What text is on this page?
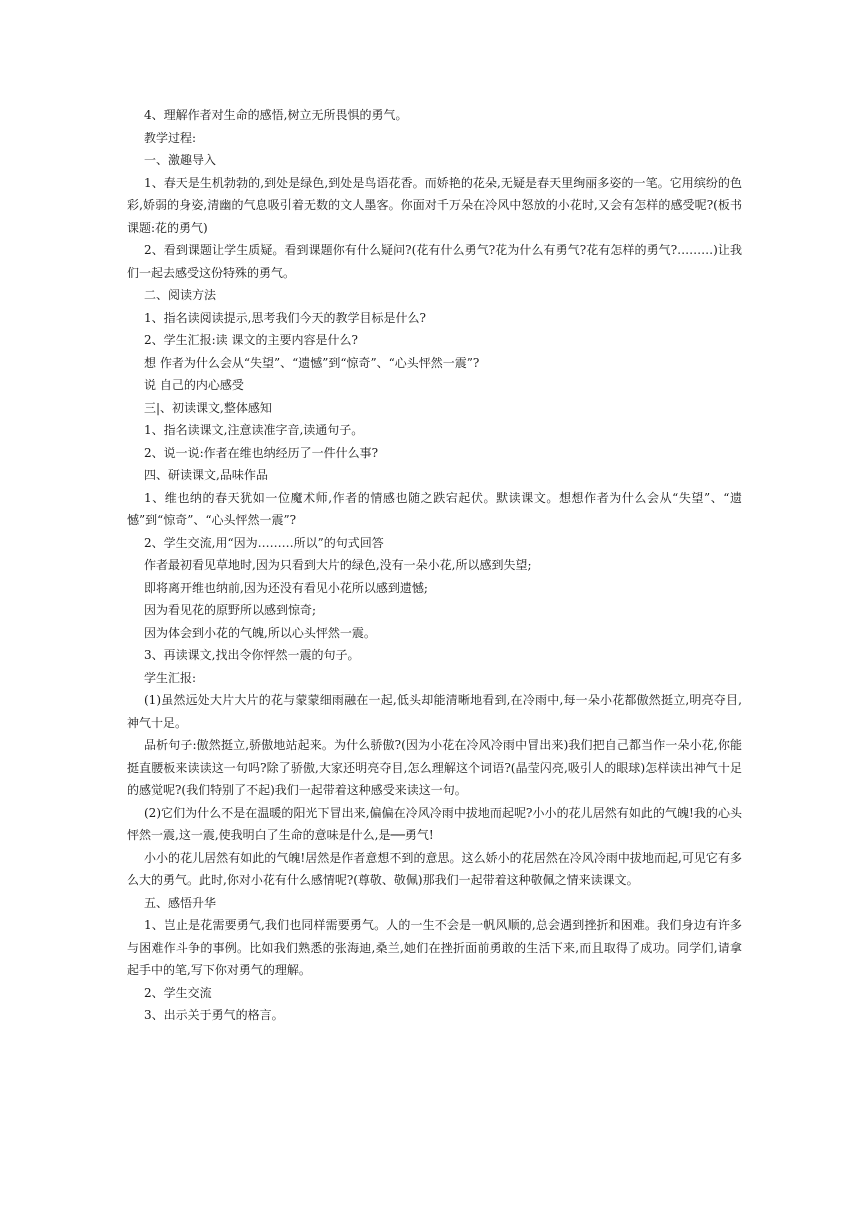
4、理解作者对生命的感悟,树立无所畏惧的勇气。
教学过程:
一、激趣导入

1、春天是生机勃勃的,到处是绿色,到处是鸟语花香。而娇艳的花朵,无疑是春天里绚丽多姿的一笔。它用缤纷的色彩,娇弱的身姿,清幽的气息吸引着无数的文人墨客。你面对千万朵在冷风中怒放的小花时,又会有怎样的感受呢?(板书课题:花的勇气)

2、看到课题让学生质疑。看到课题你有什么疑问?(花有什么勇气?花为什么有勇气?花有怎样的勇气?………)让我们一起去感受这份特殊的勇气。

二、阅读方法
1、指名读阅读提示,思考我们今天的教学目标是什么?
2、学生汇报:读 课文的主要内容是什么?
想 作者为什么会从“失望”、“遗憾”到“惊奇”、“心头怦然一震”?
说 自己的内心感受
三|、初读课文,整体感知
1、指名读课文,注意读准字音,读通句子。
2、说一说:作者在维也纳经历了一件什么事?
四、研读课文,品味作品

1、维也纳的春天犹如一位魔术师,作者的情感也随之跌宕起伏。默读课文。想想作者为什么会从“失望”、“遗憾”到“惊奇”、“心头怦然一震”?

2、学生交流,用“因为………所以”的句式回答
作者最初看见草地时,因为只看到大片的绿色,没有一朵小花,所以感到失望;
即将离开维也纳前,因为还没有看见小花所以感到遗憾;
因为看见花的原野所以感到惊奇;
因为体会到小花的气魄,所以心头怦然一震。
3、再读课文,找出令你怦然一震的句子。
学生汇报:

(1)虽然远处大片大片的花与蒙蒙细雨融在一起,低头却能清晰地看到,在冷雨中,每一朵小花都傲然挺立,明亮夺目,神气十足。

品析句子:傲然挺立,骄傲地站起来。为什么骄傲?(因为小花在冷风冷雨中冒出来)我们把自己都当作一朵小花,你能挺直腰板来读读这一句吗?除了骄傲,大家还明亮夺目,怎么理解这个词语?(晶莹闪亮,吸引人的眼球)怎样读出神气十足的感觉呢?(我们特别了不起)我们一起带着这种感受来读这一句。

(2)它们为什么不是在温暖的阳光下冒出来,偏偏在冷风冷雨中拔地而起呢?小小的花儿居然有如此的气魄!我的心头怦然一震,这一震,使我明白了生命的意味是什么,是──勇气!

小小的花儿居然有如此的气魄!居然是作者意想不到的意思。这么娇小的花居然在冷风冷雨中拔地而起,可见它有多么大的勇气。此时,你对小花有什么感情呢?(尊敬、敬佩)那我们一起带着这种敬佩之情来读课文。

五、感悟升华

1、岂止是花需要勇气,我们也同样需要勇气。人的一生不会是一帆风顺的,总会遇到挫折和困难。我们身边有许多与困难作斗争的事例。比如我们熟悉的张海迪,桑兰,她们在挫折面前勇敢的生活下来,而且取得了成功。同学们,请拿起手中的笔,写下你对勇气的理解。

2、学生交流
3、出示关于勇气的格言。
